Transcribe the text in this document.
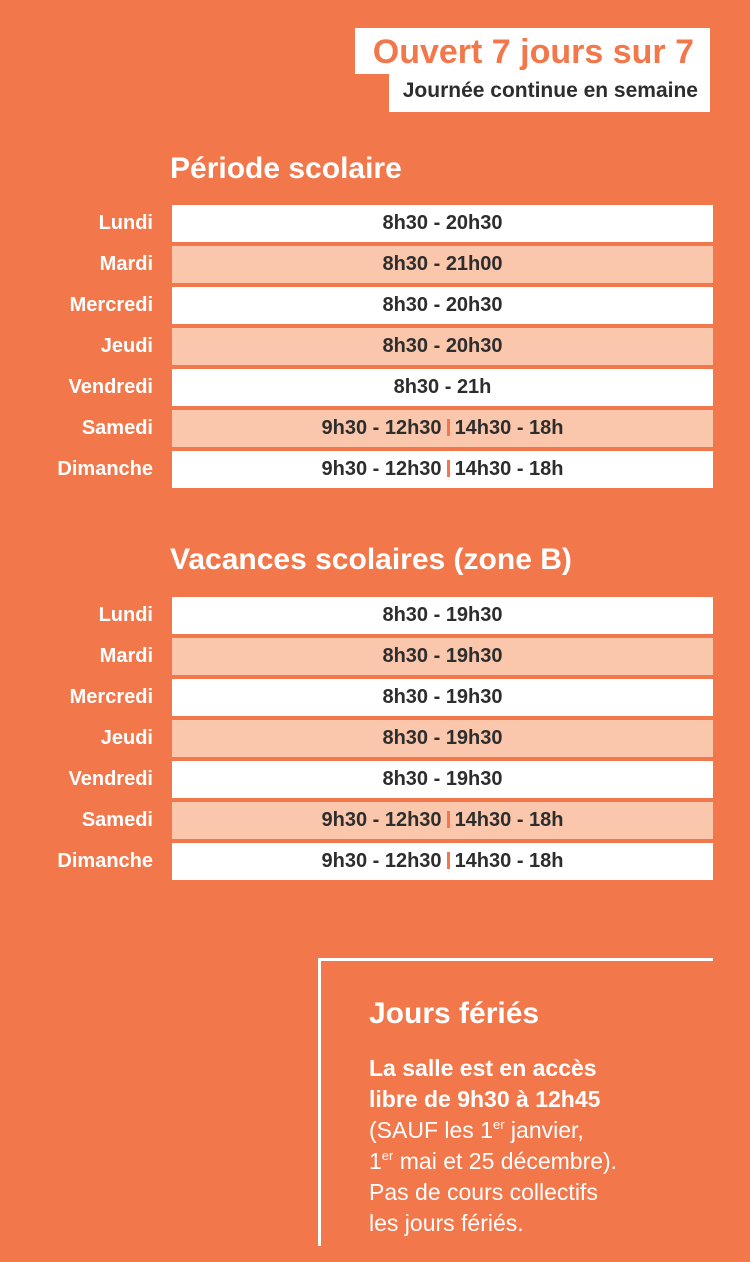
Ouvert 7 jours sur 7
Journée continue en semaine
Période scolaire
Lundi	8h30 - 20h30
Mardi	8h30 - 21h00
Mercredi	8h30 - 20h30
Jeudi	8h30 - 20h30
Vendredi	8h30 - 21h
Samedi	9h30 - 12h30 14h30 - 18h
Dimanche	9h30 - 12h30 14h30 - 18h
Vacances scolaires (zone B)
Lundi	8h30 - 19h30
Mardi	8h30 - 19h30
Mercredi	8h30 - 19h30
Jeudi	8h30 - 19h30
Vendredi	8h30 - 19h30
Samedi	9h30 - 12h30 14h30 - 18h
Dimanche	9h30 - 12h30 14h30 - 18h
Jours fériés
La salle est en accès
libre de 9h30 à 12h45
(SAUF les 1er janvier,
1er mai et 25 décembre).
Pas de cours collectifs
les jours fériés.
